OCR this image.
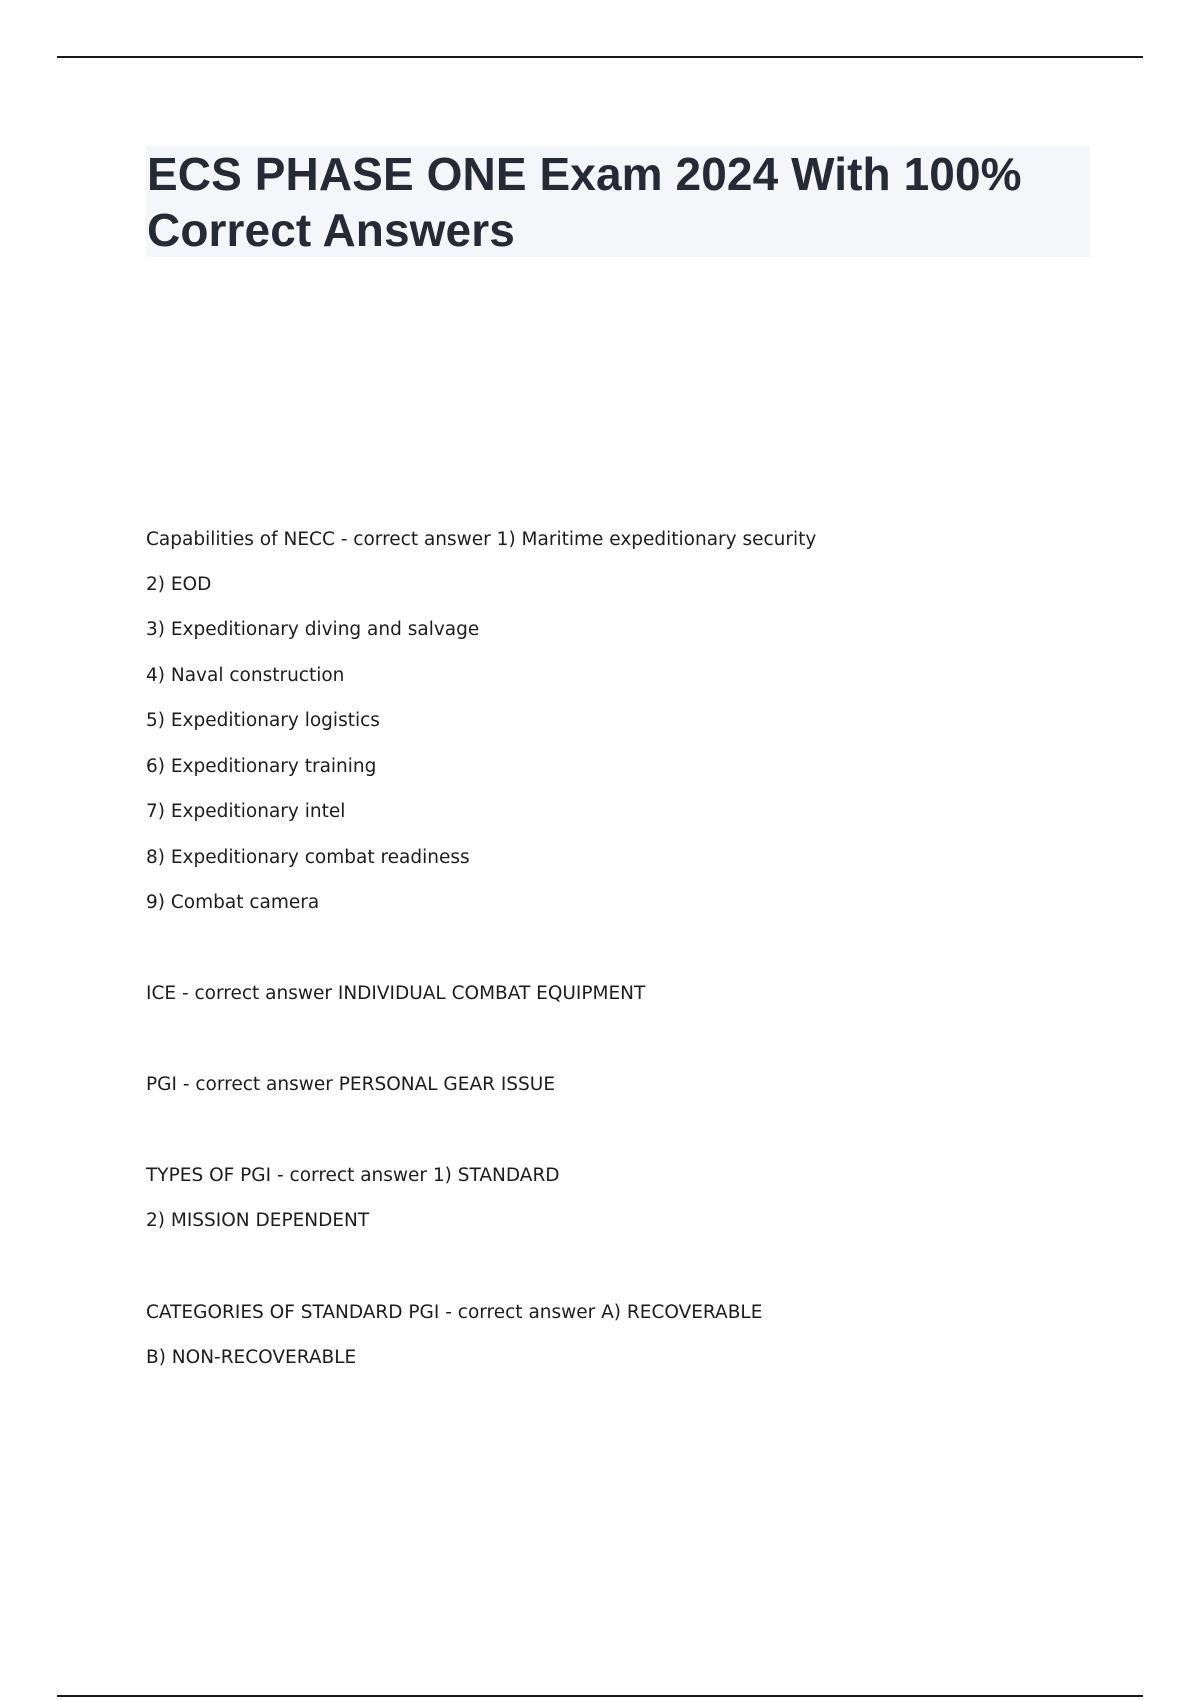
ECS PHASE ONE Exam 2024 With 100% Correct Answers
Capabilities of NECC - correct answer 1) Maritime expeditionary security
2) EOD
3) Expeditionary diving and salvage
4) Naval construction
5) Expeditionary logistics
6) Expeditionary training
7) Expeditionary intel
8) Expeditionary combat readiness
9) Combat camera
ICE - correct answer INDIVIDUAL COMBAT EQUIPMENT
PGI - correct answer PERSONAL GEAR ISSUE
TYPES OF PGI - correct answer 1) STANDARD
2) MISSION DEPENDENT
CATEGORIES OF STANDARD PGI - correct answer A) RECOVERABLE
B) NON-RECOVERABLE
